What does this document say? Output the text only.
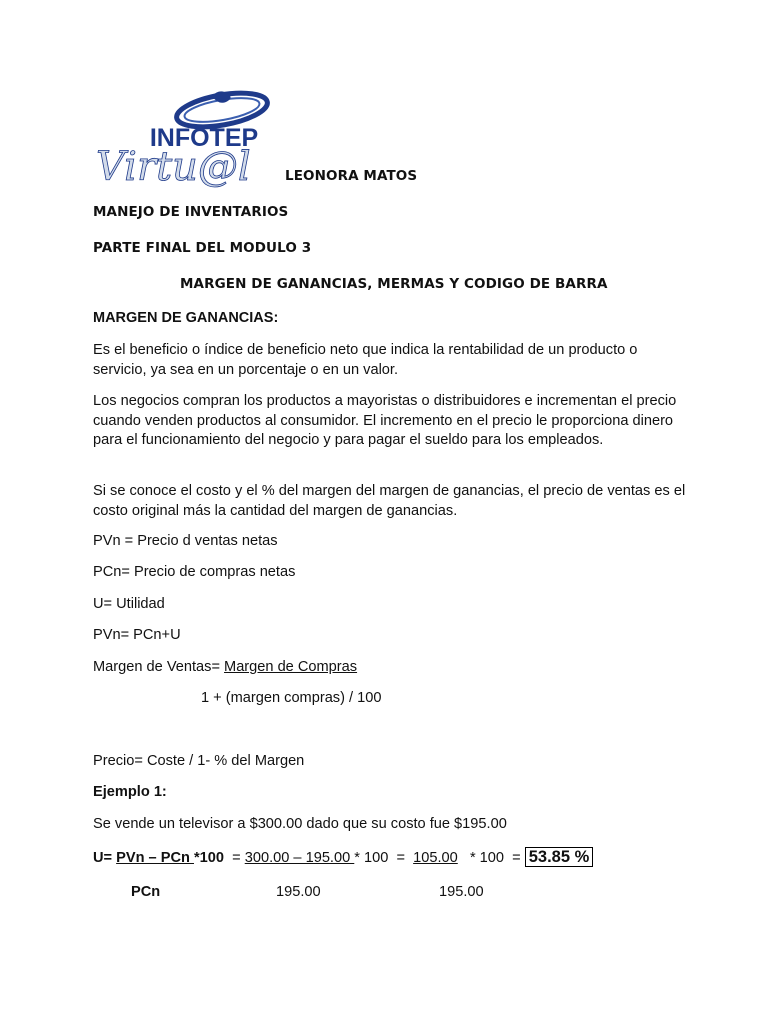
INFOTEP
Virtu@l	LEONORA MATOS
MANEJO DE INVENTARIOS
PARTE FINAL DEL MODULO 3
MARGEN DE GANANCIAS, MERMAS Y CODIGO DE BARRA
MARGEN DE GANANCIAS:
Es el beneficio o índice de beneficio neto que indica la rentabilidad de un producto o servicio, ya sea en un porcentaje o en un valor.
Los negocios compran los productos a mayoristas o distribuidores e incrementan el precio cuando venden productos al consumidor. El incremento en el precio le proporciona dinero para el funcionamiento del negocio y para pagar el sueldo para los empleados.
Si se conoce el costo y el % del margen del margen de ganancias, el precio de ventas es el costo original más la cantidad del margen de ganancias.
PVn = Precio d ventas netas
PCn= Precio de compras netas
U= Utilidad
PVn= PCn+U
Margen de Ventas= Margen de Compras
1 + (margen compras) / 100
Precio= Coste / 1- % del Margen
Ejemplo 1:
Se vende un televisor a $300.00 dado que su costo fue $195.00
U= PVn – PCn *100 = 300.00 – 195.00 * 100 = 105.00 * 100 = 53.85 %
PCn	195.00	195.00
